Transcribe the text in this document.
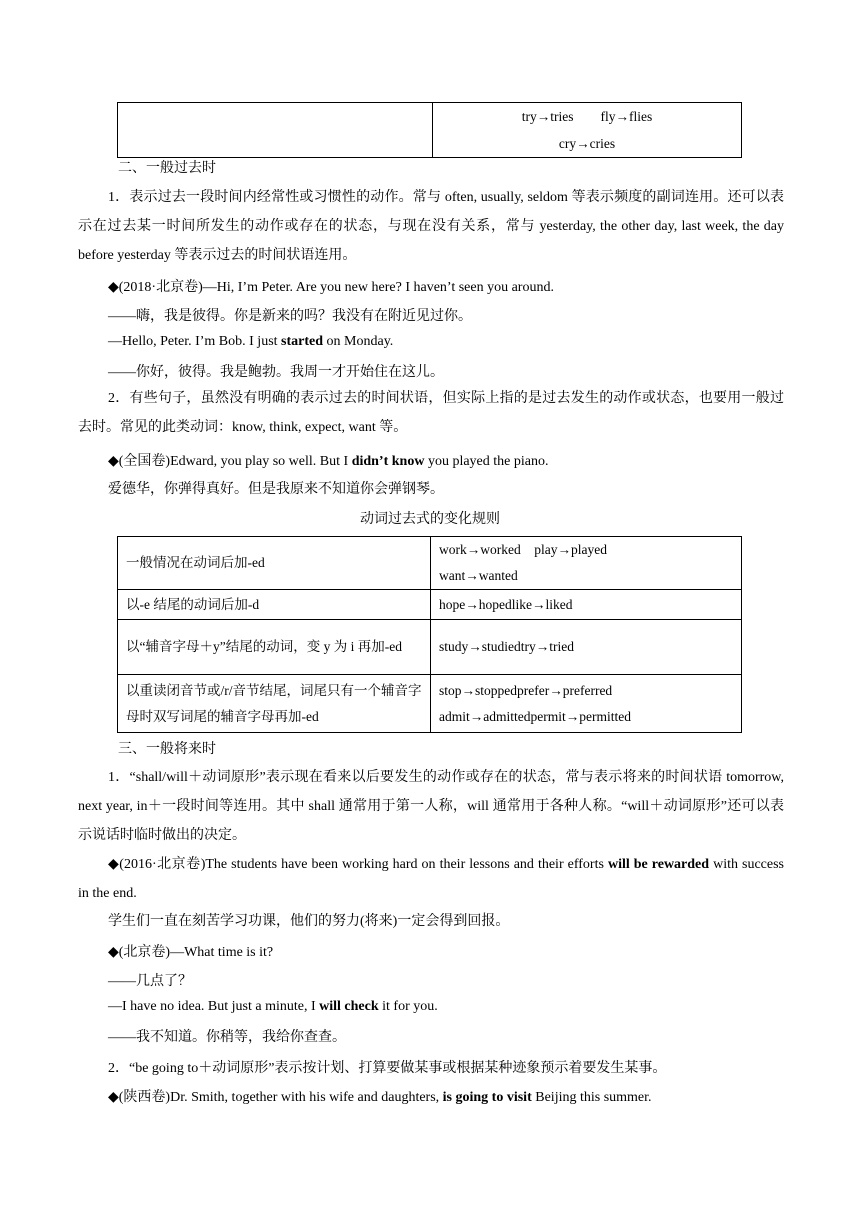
try→tries        fly→flies
cry→cries
二、一般过去时
1．表示过去一段时间内经常性或习惯性的动作。常与 often, usually, seldom 等表示频度的副词连用。还可以表示在过去某一时间所发生的动作或存在的状态，与现在没有关系，常与 yesterday, the other day, last week, the day before yesterday 等表示过去的时间状语连用。
◆(2018·北京卷)—Hi, I’m Peter. Are you new here? I haven’t seen you around.
——嗨，我是彼得。你是新来的吗？我没有在附近见过你。
—Hello, Peter. I’m Bob. I just started on Monday.
——你好，彼得。我是鲍勃。我周一才开始住在这儿。
2．有些句子，虽然没有明确的表示过去的时间状语，但实际上指的是过去发生的动作或状态，也要用一般过去时。常见的此类动词：know, think, expect, want 等。
◆(全国卷)Edward, you play so well. But I didn’t know you played the piano.
爱德华，你弹得真好。但是我原来不知道你会弹钢琴。
动词过去式的变化规则
一般情况在动词后加-ed	work→worked    play→played
want→wanted

以-e 结尾的动词后加-d	hope→hopedlike→liked
以“辅音字母＋y”结尾的动词，变 y 为 i 再加-ed	study→studiedtry→tried
以重读闭音节或/r/音节结尾，词尾只有一个辅音字母时双写词尾的辅音字母再加-ed	stop→stoppedprefer→preferred
admit→admittedpermit→permitted
三、一般将来时
1．“shall/will＋动词原形”表示现在看来以后要发生的动作或存在的状态，常与表示将来的时间状语 tomorrow, next year, in＋一段时间等连用。其中 shall 通常用于第一人称，will 通常用于各种人称。“will＋动词原形”还可以表示说话时临时做出的决定。
◆(2016·北京卷)The students have been working hard on their lessons and their efforts will be rewarded with success in the end.
学生们一直在刻苦学习功课，他们的努力(将来)一定会得到回报。
◆(北京卷)—What time is it?
——几点了？
—I have no idea. But just a minute, I will check it for you.
——我不知道。你稍等，我给你查查。
2．“be going to＋动词原形”表示按计划、打算要做某事或根据某种迹象预示着要发生某事。
◆(陕西卷)Dr. Smith, together with his wife and daughters, is going to visit Beijing this summer.
